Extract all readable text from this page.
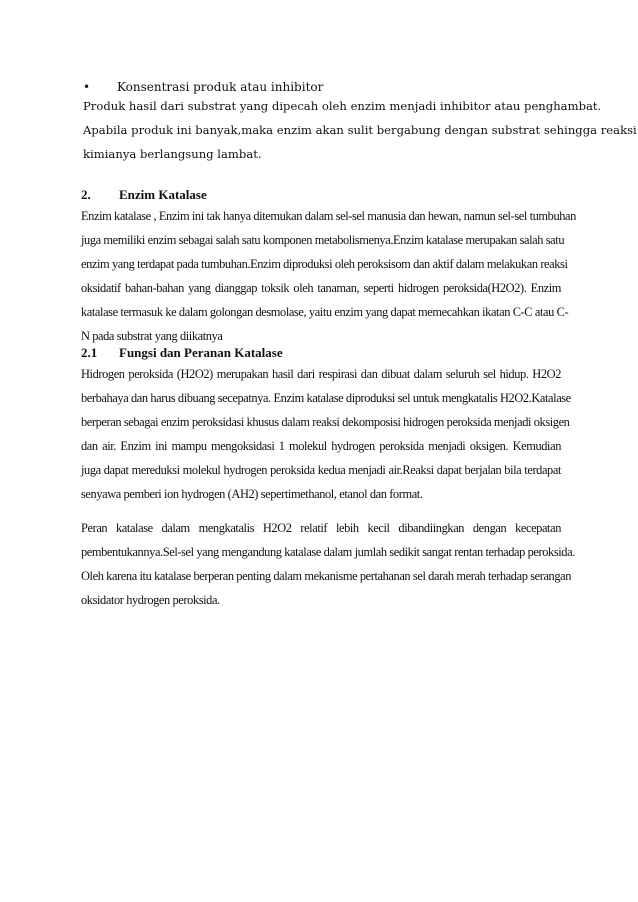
• Konsentrasi produk atau inhibitor
Produk hasil dari substrat yang dipecah oleh enzim menjadi inhibitor atau penghambat.
Apabila produk ini banyak,maka enzim akan sulit bergabung dengan substrat sehingga reaksi
kimianya berlangsung lambat.
2. Enzim Katalase
Enzim katalase , Enzim ini tak hanya ditemukan dalam sel-sel manusia dan hewan, namun sel-sel tumbuhan
juga memiliki enzim sebagai salah satu komponen metabolismenya.Enzim katalase merupakan salah satu
enzim yang terdapat pada tumbuhan.Enzim diproduksi oleh peroksisom dan aktif dalam melakukan reaksi
oksidatif bahan-bahan yang dianggap toksik oleh tanaman, seperti hidrogen peroksida(H2O2). Enzim
katalase termasuk ke dalam golongan desmolase, yaitu enzim yang dapat memecahkan ikatan C-C atau C-
N pada substrat yang diikatnya
2.1 Fungsi dan Peranan Katalase
Hidrogen peroksida (H2O2) merupakan hasil dari respirasi dan dibuat dalam seluruh sel hidup. H2O2
berbahaya dan harus dibuang secepatnya. Enzim katalase diproduksi sel untuk mengkatalis H2O2.Katalase
berperan sebagai enzim peroksidasi khusus dalam reaksi dekomposisi hidrogen peroksida menjadi oksigen
dan air. Enzim ini mampu mengoksidasi 1 molekul hydrogen peroksida menjadi oksigen. Kemudian
juga dapat mereduksi molekul hydrogen peroksida kedua menjadi air.Reaksi dapat berjalan bila terdapat
senyawa pemberi ion hydrogen (AH2) sepertimethanol, etanol dan format.
Peran katalase dalam mengkatalis H2O2 relatif lebih kecil dibandiingkan dengan kecepatan
pembentukannya.Sel-sel yang mengandung katalase dalam jumlah sedikit sangat rentan terhadap peroksida.
Oleh karena itu katalase berperan penting dalam mekanisme pertahanan sel darah merah terhadap serangan
oksidator hydrogen peroksida.
